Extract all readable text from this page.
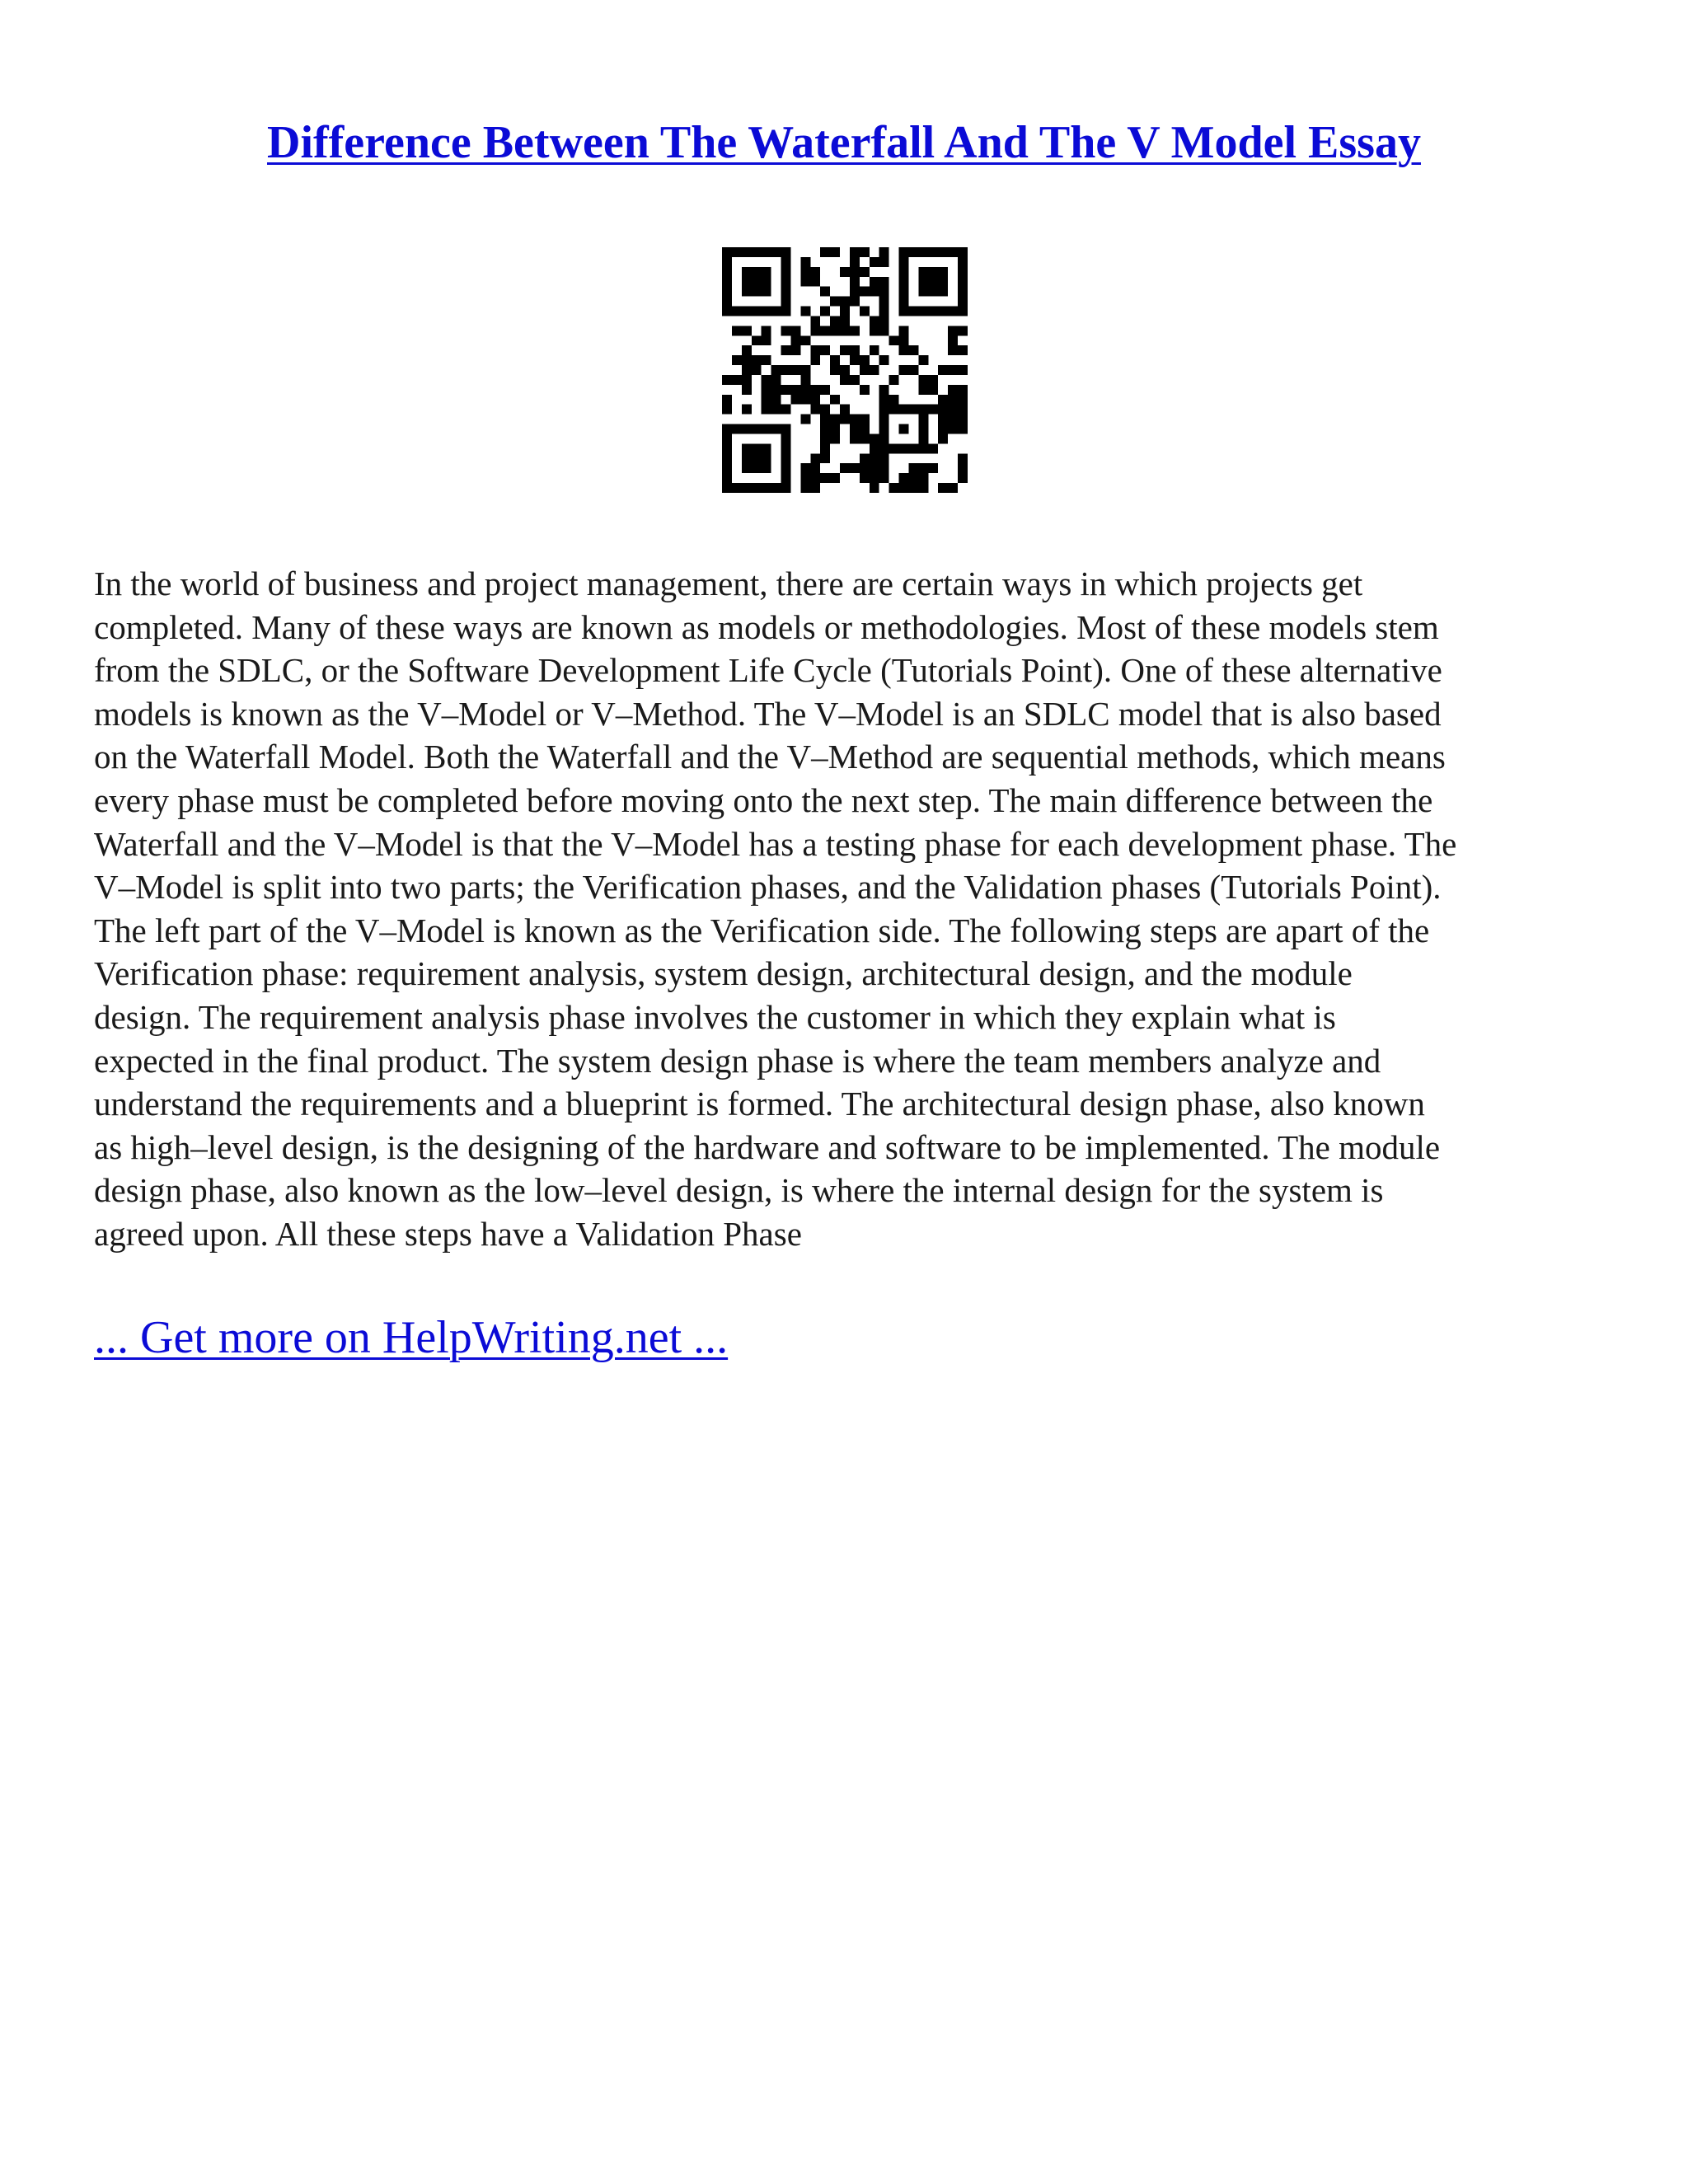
Difference Between The Waterfall And The V Model Essay
In the world of business and project management, there are certain ways in which projects get
completed. Many of these ways are known as models or methodologies. Most of these models stem
from the SDLC, or the Software Development Life Cycle (Tutorials Point). One of these alternative
models is known as the V–Model or V–Method. The V–Model is an SDLC model that is also based
on the Waterfall Model. Both the Waterfall and the V–Method are sequential methods, which means
every phase must be completed before moving onto the next step. The main difference between the
Waterfall and the V–Model is that the V–Model has a testing phase for each development phase. The
V–Model is split into two parts; the Verification phases, and the Validation phases (Tutorials Point).
The left part of the V–Model is known as the Verification side. The following steps are apart of the
Verification phase: requirement analysis, system design, architectural design, and the module
design. The requirement analysis phase involves the customer in which they explain what is
expected in the final product. The system design phase is where the team members analyze and
understand the requirements and a blueprint is formed. The architectural design phase, also known
as high–level design, is the designing of the hardware and software to be implemented. The module
design phase, also known as the low–level design, is where the internal design for the system is
agreed upon. All these steps have a Validation Phase

... Get more on HelpWriting.net ...
